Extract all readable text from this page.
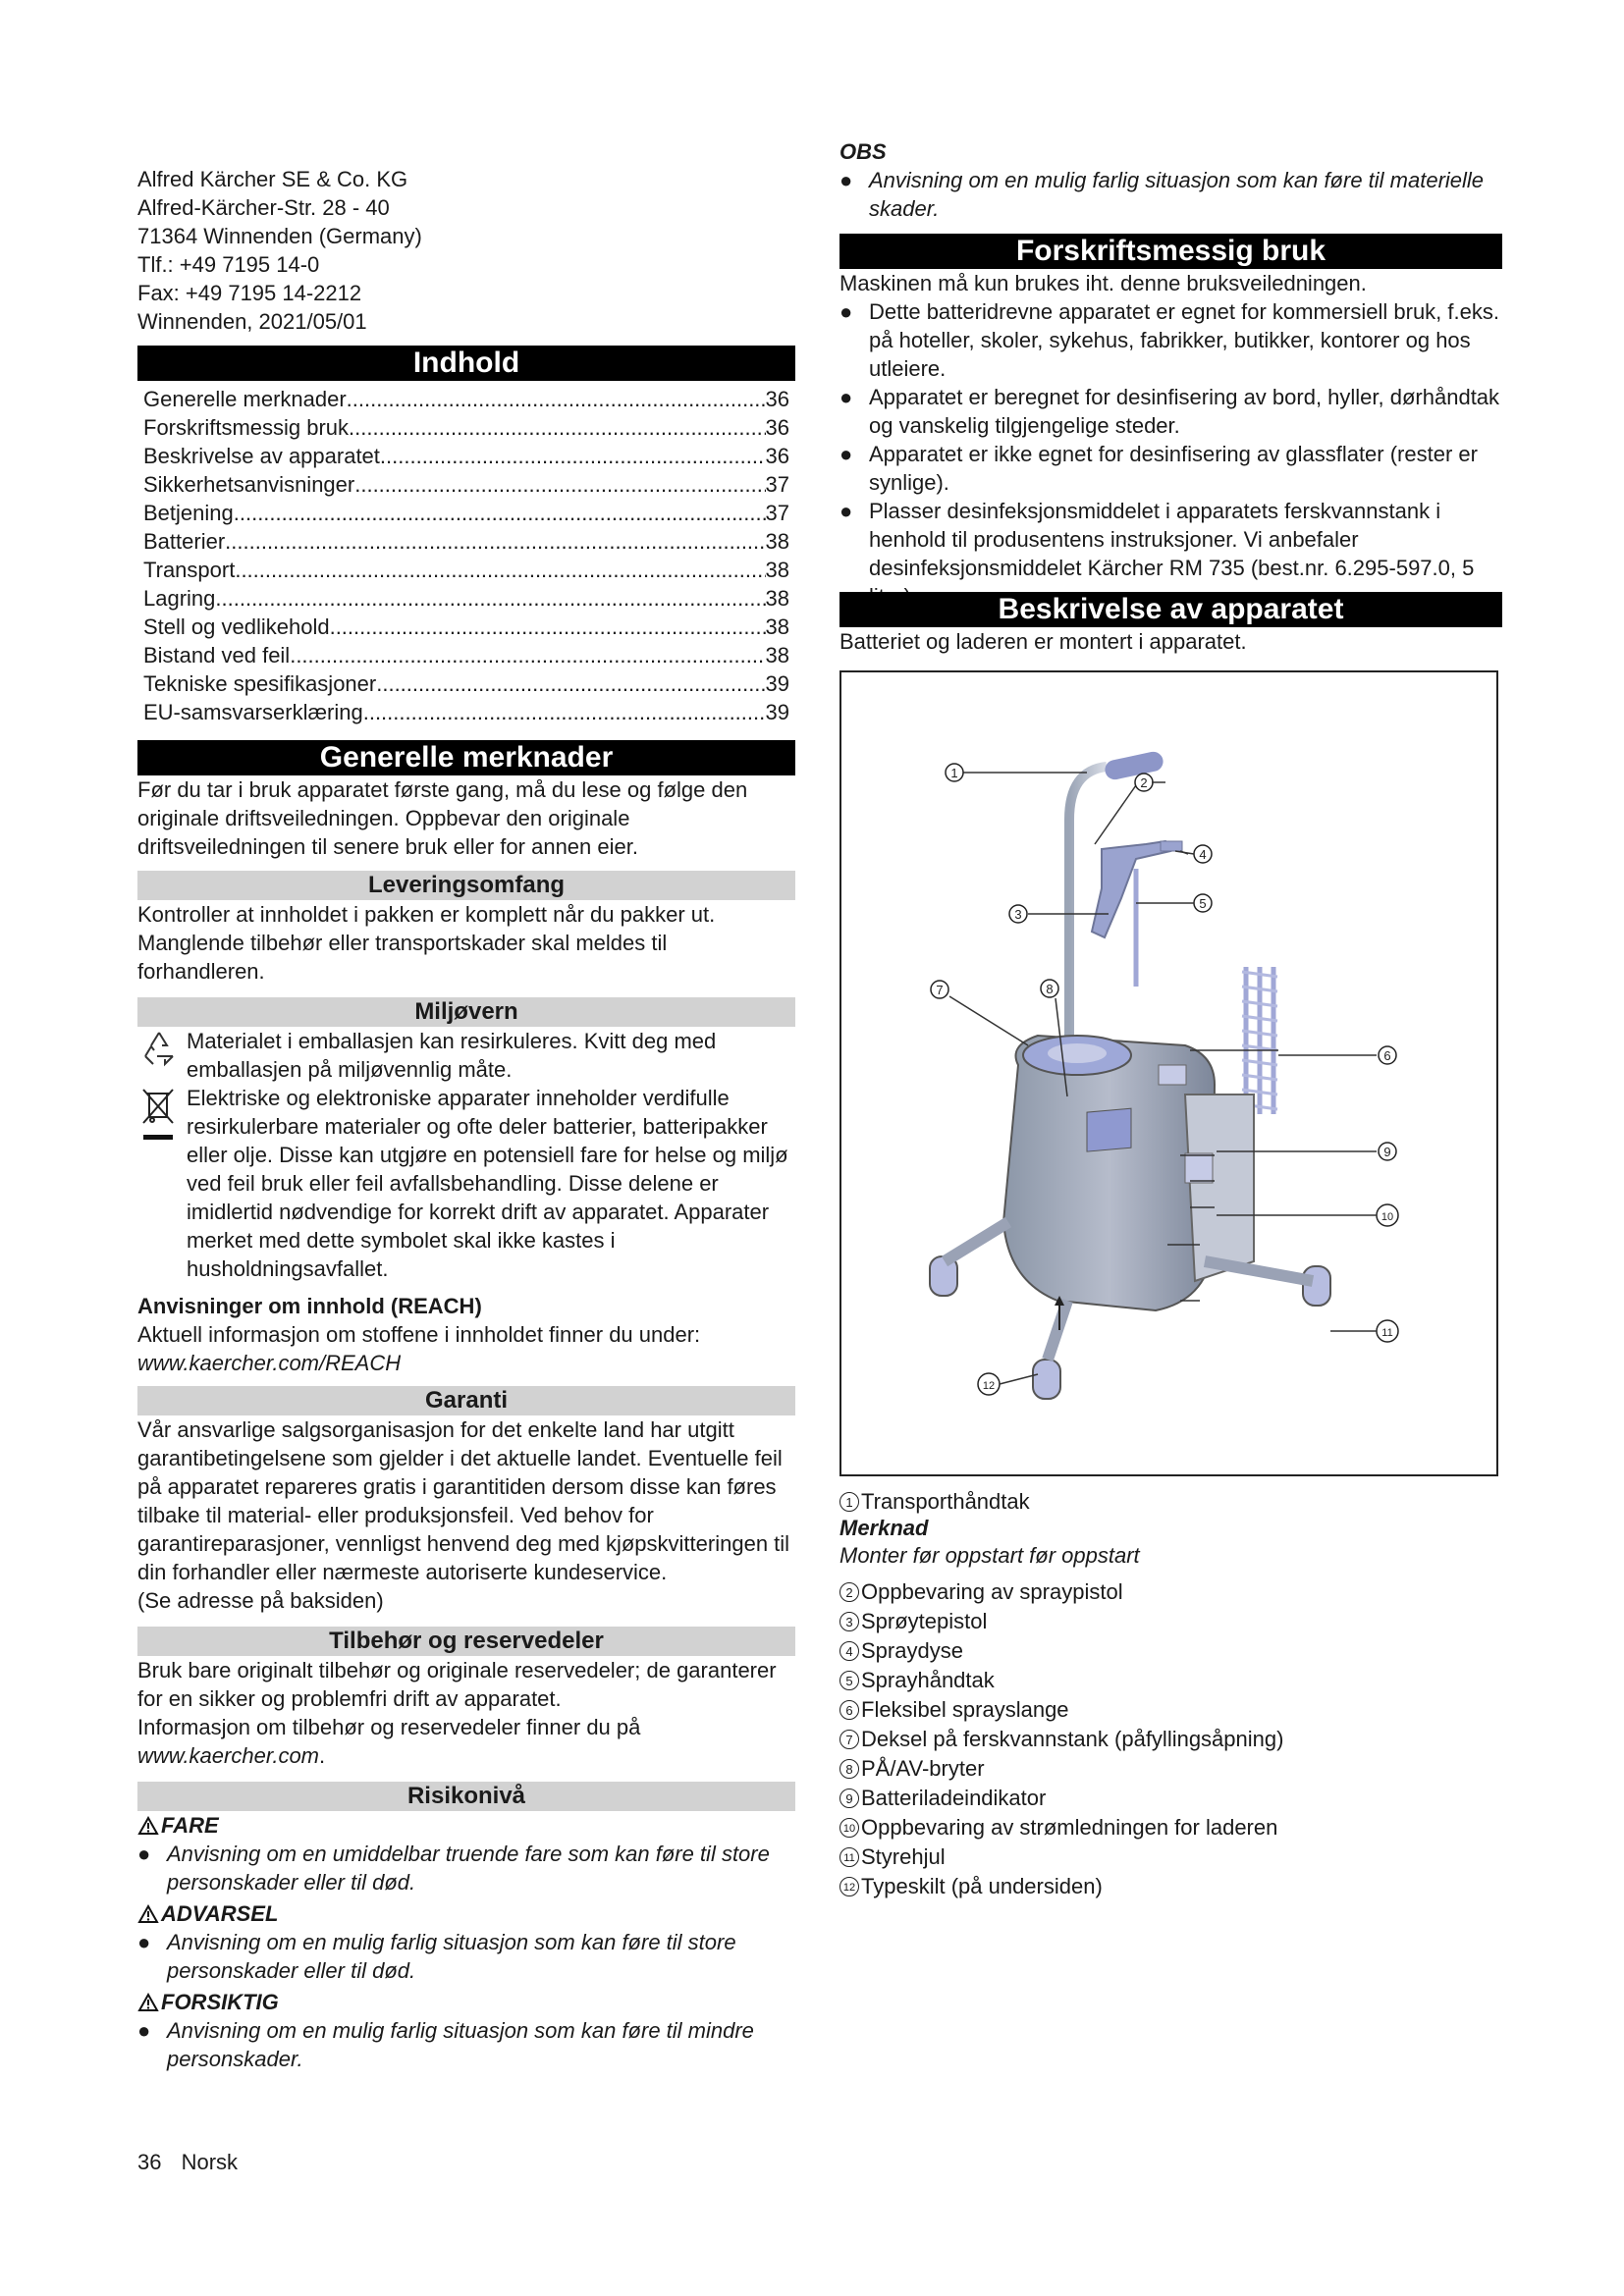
Alfred Kärcher SE & Co. KG

Alfred-Kärcher-Str. 28 - 40

71364 Winnenden (Germany)

Tlf.: +49 7195 14-0

Fax: +49 7195 14-2212

Winnenden, 2021/05/01

Indhold
Generelle merknader .....	36
Forskriftsmessig bruk .....	36
Beskrivelse av apparatet .....	36
Sikkerhetsanvisninger .....	37
Betjening .....	37
Batterier .....	38
Transport .....	38
Lagring .....	38
Stell og vedlikehold .....	38
Bistand ved feil .....	38
Tekniske spesifikasjoner .....	39
EU-samsvarserklæring .....	39
Generelle merknader

Før du tar i bruk apparatet første gang, må du lese og følge den originale driftsveiledningen. Oppbevar den originale driftsveiledningen til senere bruk eller for annen eier.

Leveringsomfang

Kontroller at innholdet i pakken er komplett når du pakker ut. Manglende tilbehør eller transportskader skal meldes til forhandleren.

Miljøvern

Materialet i emballasjen kan resirkuleres. Kvitt deg med emballasjen på miljøvennlig måte.

Elektriske og elektroniske apparater inneholder verdifulle resirkulerbare materialer og ofte deler batterier, batteripakker eller olje. Disse kan utgjøre en potensiell fare for helse og miljø ved feil bruk eller feil avfallsbehandling. Disse delene er imidlertid nødvendige for korrekt drift av apparatet. Apparater merket med dette symbolet skal ikke kastes i husholdningsavfallet.

Anvisninger om innhold (REACH)

Aktuell informasjon om stoffene i innholdet finner du under:

www.kaercher.com/REACH

Garanti

Vår ansvarlige salgsorganisasjon for det enkelte land har utgitt garantibetingelsene som gjelder i det aktuelle landet. Eventuelle feil på apparatet repareres gratis i garantitiden dersom disse kan føres tilbake til material- eller produksjonsfeil. Ved behov for garantireparasjoner, vennligst henvend deg med kjøpskvitteringen til din forhandler eller nærmeste autoriserte kundeservice.

(Se adresse på baksiden)

Tilbehør og reservedeler

Bruk bare originalt tilbehør og originale reservedeler; de garanterer for en sikker og problemfri drift av apparatet.

Informasjon om tilbehør og reservedeler finner du på www.kaercher.com.

Risikonivå
FARE
● Anvisning om en umiddelbar truende fare som kan føre til store personskader eller til død.
ADVARSEL
● Anvisning om en mulig farlig situasjon som kan føre til store personskader eller til død.
FORSIKTIG
● Anvisning om en mulig farlig situasjon som kan føre til mindre personskader.
36 Norsk

OBS

● Anvisning om en mulig farlig situasjon som kan føre til materielle skader.
Forskriftsmessig bruk

Maskinen må kun brukes iht. denne bruksveiledningen.

● Dette batteridrevne apparatet er egnet for kommersiell bruk, f.eks. på hoteller, skoler, sykehus, fabrikker, butikker, kontorer og hos utleiere.
● Apparatet er beregnet for desinfisering av bord, hyller, dørhåndtak og vanskelig tilgjengelige steder.
● Apparatet er ikke egnet for desinfisering av glassflater (rester er synlige).
● Plasser desinfeksjonsmiddelet i apparatets ferskvannstank i henhold til produsentens instruksjoner. Vi anbefaler desinfeksjonsmiddelet Kärcher RM 735 (best.nr. 6.295-597.0, 5
Beskrivelse av apparatet

Batteriet og laderen er montert i apparatet.

1
2
4
3
5
7	8
6
9
10
11
12
1 Transporthåndtak

Merknad

Monter før oppstart før oppstart

2 Oppbevaring av spraypistol
3 Sprøytepistol
4 Spraydyse
5 Sprayhåndtak
6 Fleksibel sprayslange
7 Deksel på ferskvannstank (påfyllingsåpning)
8 PÅ/AV-bryter
9 Batteriladeindikator
10 Oppbevaring av strømledningen for laderen
11 Styrehjul
12 Typeskilt (på undersiden)
